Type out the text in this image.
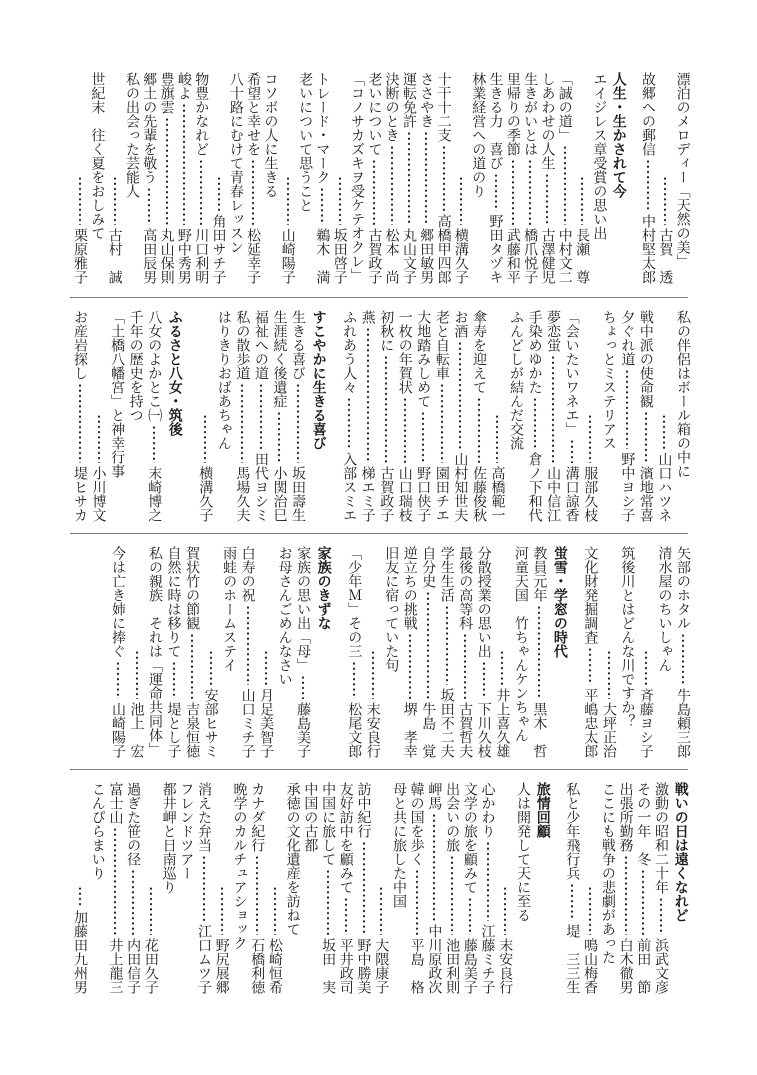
漂泊のメロディー「天然の美」
古賀　透
故郷への郵信
中村堅太郎
人生・生かされて今
エイジレス章受賞の思い出
長瀬　尊
「誠の道」
中村文二
しあわせの人生
古澤健児
生きがいとは
橋爪悦子
里帰りの季節
武藤和平
生きる力　喜び
野田タヅキ
林業経営への道のり
横溝久子
十干十二支
高橋甲四郎
ささやき
郷田敏男
運転免許
丸山文子
決断のとき
松本　尚
老いについて
古賀政子
「コノサカズキヲ受ケテオクレ」
坂田啓子
トレード・マーク
鵜木　満
老いについて思うこと
山崎陽子
コソボの人に生きる
希望と幸せを
松延幸子
八十路にむけて青春レッスン
角田サチ子
物豊かなれど
川口利明
峻よ
野中秀男
豊旗雲
丸山保則
郷土の先輩を敬う
高田辰男
私の出会った芸能人
古村　誠
世紀末　往く夏をおしみて
栗原雅子
私の伴侶はボール箱の中に
山口ハツネ
戦中派の使命観
濱地常喜
夕ぐれ道
野中ヨシ子
ちょっとミステリアス
服部久枝
「会いたいワネエ」
溝口諒香
夢恋蛍
山中信江
手染めゆかた
倉ノ下和代
ふんどしが結んだ交流
高橋範一
傘寿を迎えて
佐藤俊秋
お酒
山村知世夫
老と自転車
園田チエ
大地踏みしめて
野口侠子
一枚の年賀状
山口瑞枝
初秋に
古賀政子
燕
梯エミ子
ふれあう人々
入部スミエ
すこやかに生きる喜び
生きる喜び
坂田壽生
生涯続く後遺症
小関治巳
福祉への道
田代ヨシミ
私の散歩道
馬場久夫
はりきりおばあちゃん
横溝久子
ふるさと八女・筑後
八女のよかとこ㈠
末崎博之
千年の歴史を持つ
「土橋八幡宮」と神幸行事
小川博文
お産岩探し
堤ヒサカ
矢部のホタル
牛島頼三郎
清水屋のちいしゃん
斉藤ヨシ子
筑後川とはどんな川ですか？
大坪正治
文化財発掘調査
平嶋忠太郎
蛍雪・学窓の時代
教員元年
黒木　哲
河童天国　竹ちゃんケンちゃん
井上喜久雄
分散授業の思い出
下川久枝
最後の高等科
古賀哲夫
学生生活
坂田不二夫
自分史
牛島　覚
逆立ちの挑戦
堺　孝幸
旧友に宿っていた句
末安良行
「少年Ｍ」その三
松尾文郎
家族のきずな
家族の思い出「母」
藤島美子
お母さんごめんなさい
月足美智子
白寿の祝
山口ミチ子
雨蛙のホームステイ
安部ヒサミ
賀状竹の節観
吉泉恒徳
自然に時は移りて
堤とし子
私の親族　それは「運命共同体」
池上　宏
今は亡き姉に捧ぐ
山崎陽子
戦いの日は遠くなれど
激動の昭和二十年
浜武文彦
その一年　冬
前田　節
出張所勤務
白木徹男
ここにも戦争の悲劇があった
鳴山梅香
私と少年飛行兵
堤　三三生
旅情回顧
人は開発して天に至る
末安良行
心かわり
江藤ミチ子
文学の旅を顧みて
藤島美子
出会いの旅
池田利則
岬馬
中川原政次
韓の国を歩く
平島　格
母と共に旅した中国
大隈康子
訪中紀行
野中勝美
友好訪中を顧みて
平井政司
中国に旅して
坂田　実
中国の古都
承徳の文化遺産を訪ねて
松崎恒希
カナダ紀行
石橋利徳
晩学のカルチュアショック
野尻展郷
消えた弁当
江口ムツ子
フレンドツアー
都井岬と日南巡り
花田久子
過ぎた笹の径
内田信子
富士山
井上龍三
こんぴらまいり
加藤田九州男
